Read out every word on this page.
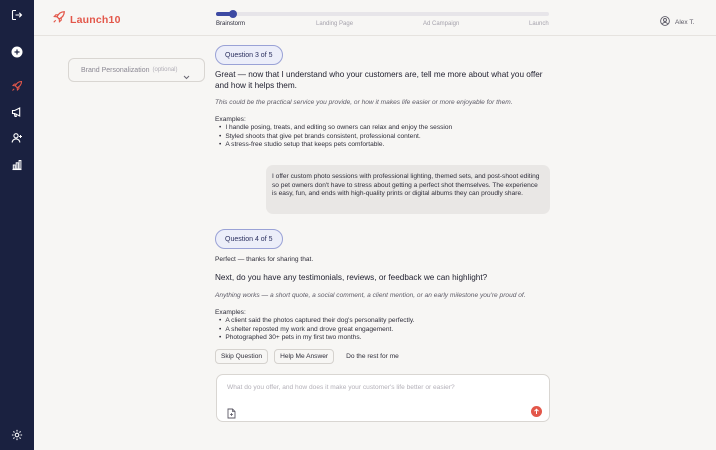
Launch10	Brainstorm	Landing Page	Ad Campaign	Launch	Alex T.
Brand Personalization (optional)
Question 3 of 5
Great — now that I understand who your customers are, tell me more about what you offer and how it helps them.
This could be the practical service you provide, or how it makes life easier or more enjoyable for them.
Examples:
• I handle posing, treats, and editing so owners can relax and enjoy the session
• Styled shoots that give pet brands consistent, professional content.
• A stress-free studio setup that keeps pets comfortable.
I offer custom photo sessions with professional lighting, themed sets, and post-shoot editing so pet owners don't have to stress about getting a perfect shot themselves. The experience is easy, fun, and ends with high-quality prints or digital albums they can proudly share.
Question 4 of 5
Perfect — thanks for sharing that.
Next, do you have any testimonials, reviews, or feedback we can highlight?
Anything works — a short quote, a social comment, a client mention, or an early milestone you're proud of.
Examples:
• A client said the photos captured their dog's personality perfectly.
• A shelter reposted my work and drove great engagement.
• Photographed 30+ pets in my first two months.
Skip Question	Help Me Answer	Do the rest for me
What do you offer, and how does it make your customer's life better or easier?
